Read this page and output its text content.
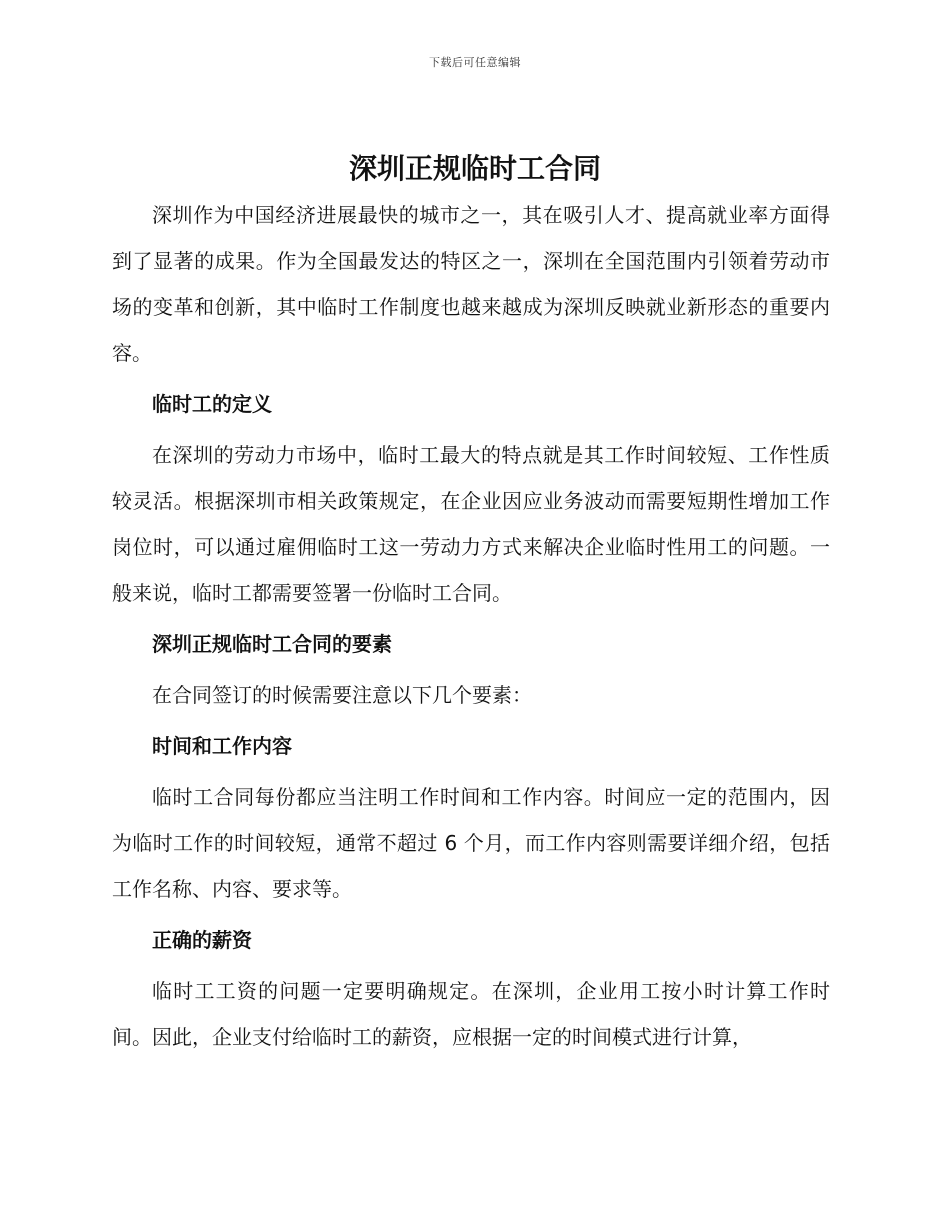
下载后可任意编辑
深圳正规临时工合同

深圳作为中国经济进展最快的城市之一，其在吸引人才、提高就业率方面得到了显著的成果。作为全国最发达的特区之一，深圳在全国范围内引领着劳动市场的变革和创新，其中临时工作制度也越来越成为深圳反映就业新形态的重要内容。

临时工的定义

在深圳的劳动力市场中，临时工最大的特点就是其工作时间较短、工作性质较灵活。根据深圳市相关政策规定，在企业因应业务波动而需要短期性增加工作岗位时，可以通过雇佣临时工这一劳动力方式来解决企业临时性用工的问题。一般来说，临时工都需要签署一份临时工合同。

深圳正规临时工合同的要素

在合同签订的时候需要注意以下几个要素：

时间和工作内容

临时工合同每份都应当注明工作时间和工作内容。时间应一定的范围内，因为临时工作的时间较短，通常不超过 6 个月，而工作内容则需要详细介绍，包括工作名称、内容、要求等。

正确的薪资

临时工工资的问题一定要明确规定。在深圳，企业用工按小时计算工作时间。因此，企业支付给临时工的薪资，应根据一定的时间模式进行计算，
